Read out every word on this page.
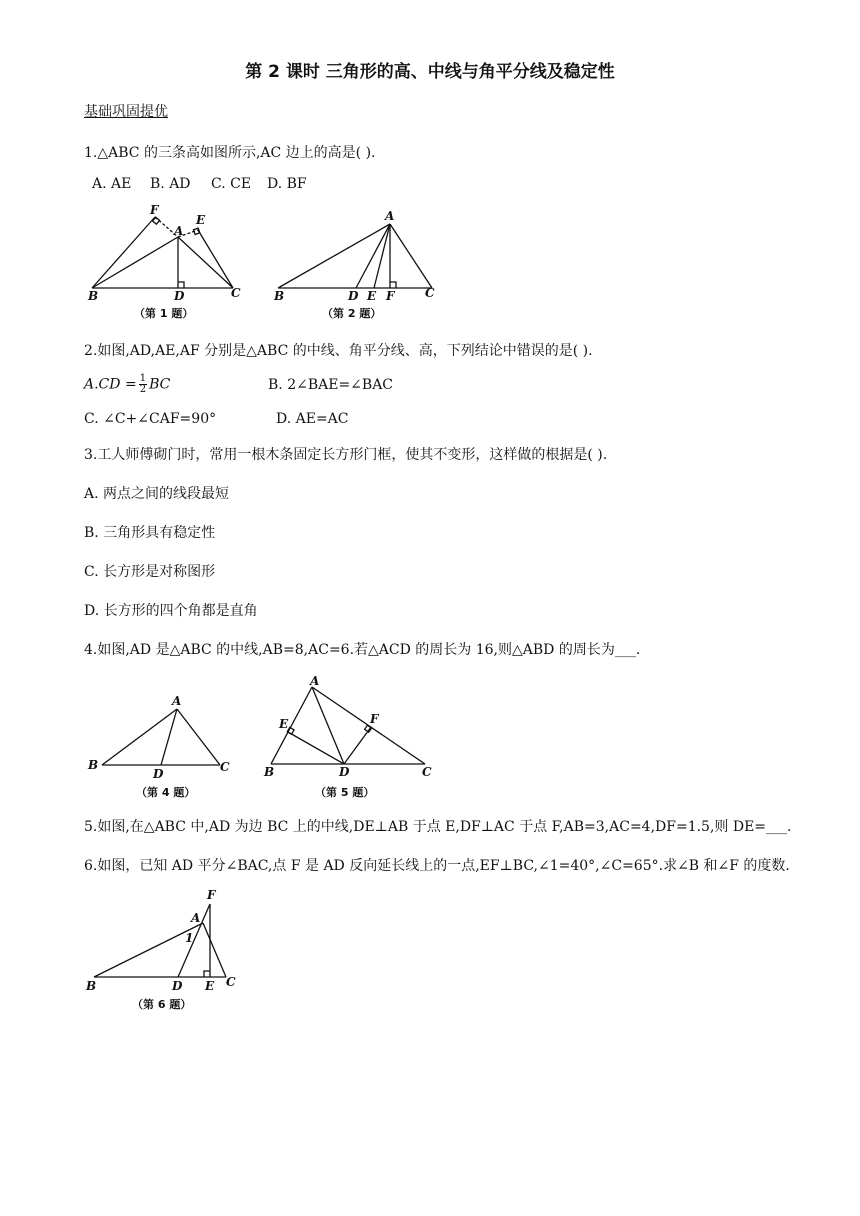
第 2 课时 三角形的高、中线与角平分线及稳定性
基础巩固提优
1.△ABC 的三条高如图所示,AC 边上的高是( ).
A. AE B. AD C. CE D. BF
F
A
E
B	D	C
（第 1 题）
A
B	D E F	C
（第 2 题）
2.如图,AD,AE,AF 分别是△ABC 的中线、角平分线、高，下列结论中错误的是( ).
$A.CD = \frac{1}{2}$ BC	B. 2∠BAE=∠BAC
C. ∠C+∠CAF=90°	D. AE=AC
3.工人师傅砌门时，常用一根木条固定长方形门框，使其不变形，这样做的根据是( ).
A. 两点之间的线段最短
B. 三角形具有稳定性
C. 长方形是对称图形
D. 长方形的四个角都是直角
4.如图,AD 是△ABC 的中线,AB=8,AC=6.若△ACD 的周长为 16,则△ABD 的周长为___.
A
B
D	C
（第 4 题）
A
E	F
B	D	C
（第 5 题）
5.如图,在△ABC 中,AD 为边 BC 上的中线,DE⊥AB 于点 E,DF⊥AC 于点 F,AB=3,AC=4,DF=1.5,则 DE=___.
6.如图，已知 AD 平分∠BAC,点 F 是 AD 反向延长线上的一点,EF⊥BC,∠1=40°,∠C=65°.求∠B 和∠F 的度数.
F
A
1
B	D E C
（第 6 题）
